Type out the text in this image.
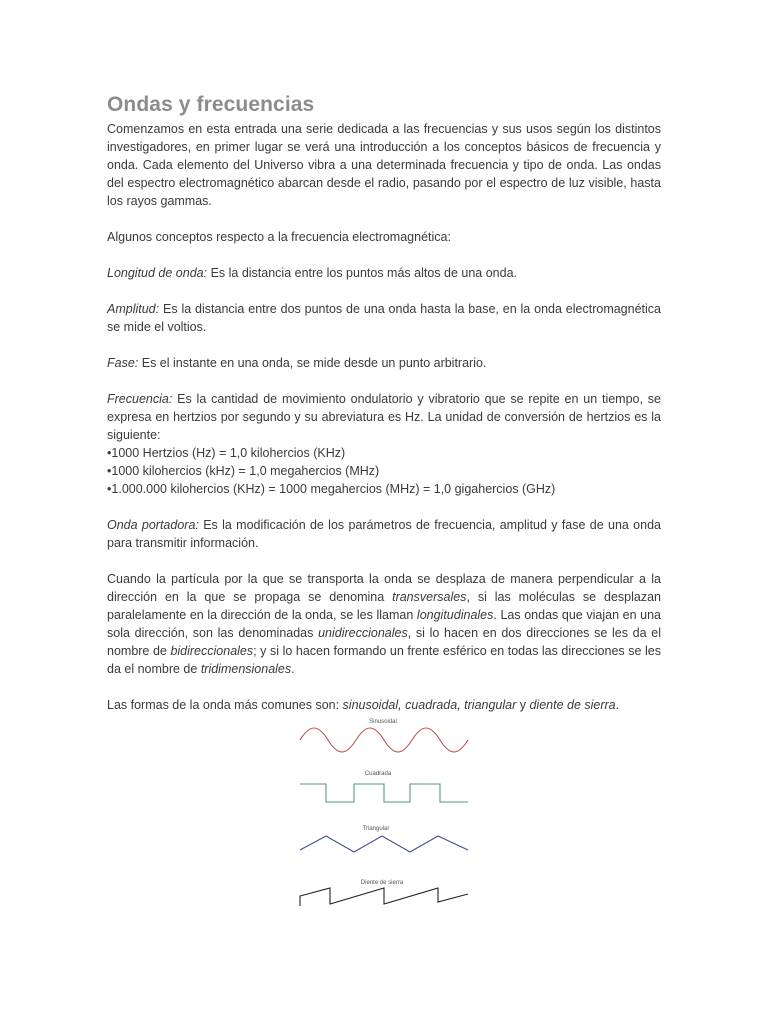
Ondas y frecuencias

Comenzamos en esta entrada una serie dedicada a las frecuencias y sus usos según los distintos investigadores, en primer lugar se verá una introducción a los conceptos básicos de frecuencia y onda. Cada elemento del Universo vibra a una determinada frecuencia y tipo de onda. Las ondas del espectro electromagnético abarcan desde el radio, pasando por el espectro de luz visible, hasta los rayos gammas.

Algunos conceptos respecto a la frecuencia electromagnética:

Longitud de onda: Es la distancia entre los puntos más altos de una onda.

Amplitud: Es la distancia entre dos puntos de una onda hasta la base, en la onda electromagnética se mide el voltios.

Fase: Es el instante en una onda, se mide desde un punto arbitrario.

Frecuencia: Es la cantidad de movimiento ondulatorio y vibratorio que se repite en un tiempo, se expresa en hertzios por segundo y su abreviatura es Hz. La unidad de conversión de hertzios es la siguiente:

• 1000 Hertzios (Hz) = 1,0 kilohercios (KHz)
• 1000 kilohercios (kHz) = 1,0 megahercios (MHz)
• 1.000.000 kilohercios (KHz) = 1000 megahercios (MHz) = 1,0 gigahercios (GHz)

Onda portadora: Es la modificación de los parámetros de frecuencia, amplitud y fase de una onda para transmitir información.

Cuando la partícula por la que se transporta la onda se desplaza de manera perpendicular a la dirección en la que se propaga se denomina transversales, si las moléculas se desplazan paralelamente en la dirección de la onda, se les llaman longitudinales. Las ondas que viajan en una sola dirección, son las denominadas unidireccionales, si lo hacen en dos direcciones se les da el nombre de bidireccionales; y si lo hacen formando un frente esférico en todas las direcciones se les da el nombre de tridimensionales.

Las formas de la onda más comunes son: sinusoidal, cuadrada, triangular y diente de sierra.

Sinusoidal
Cuadrada
Triangular
Diente de sierra
